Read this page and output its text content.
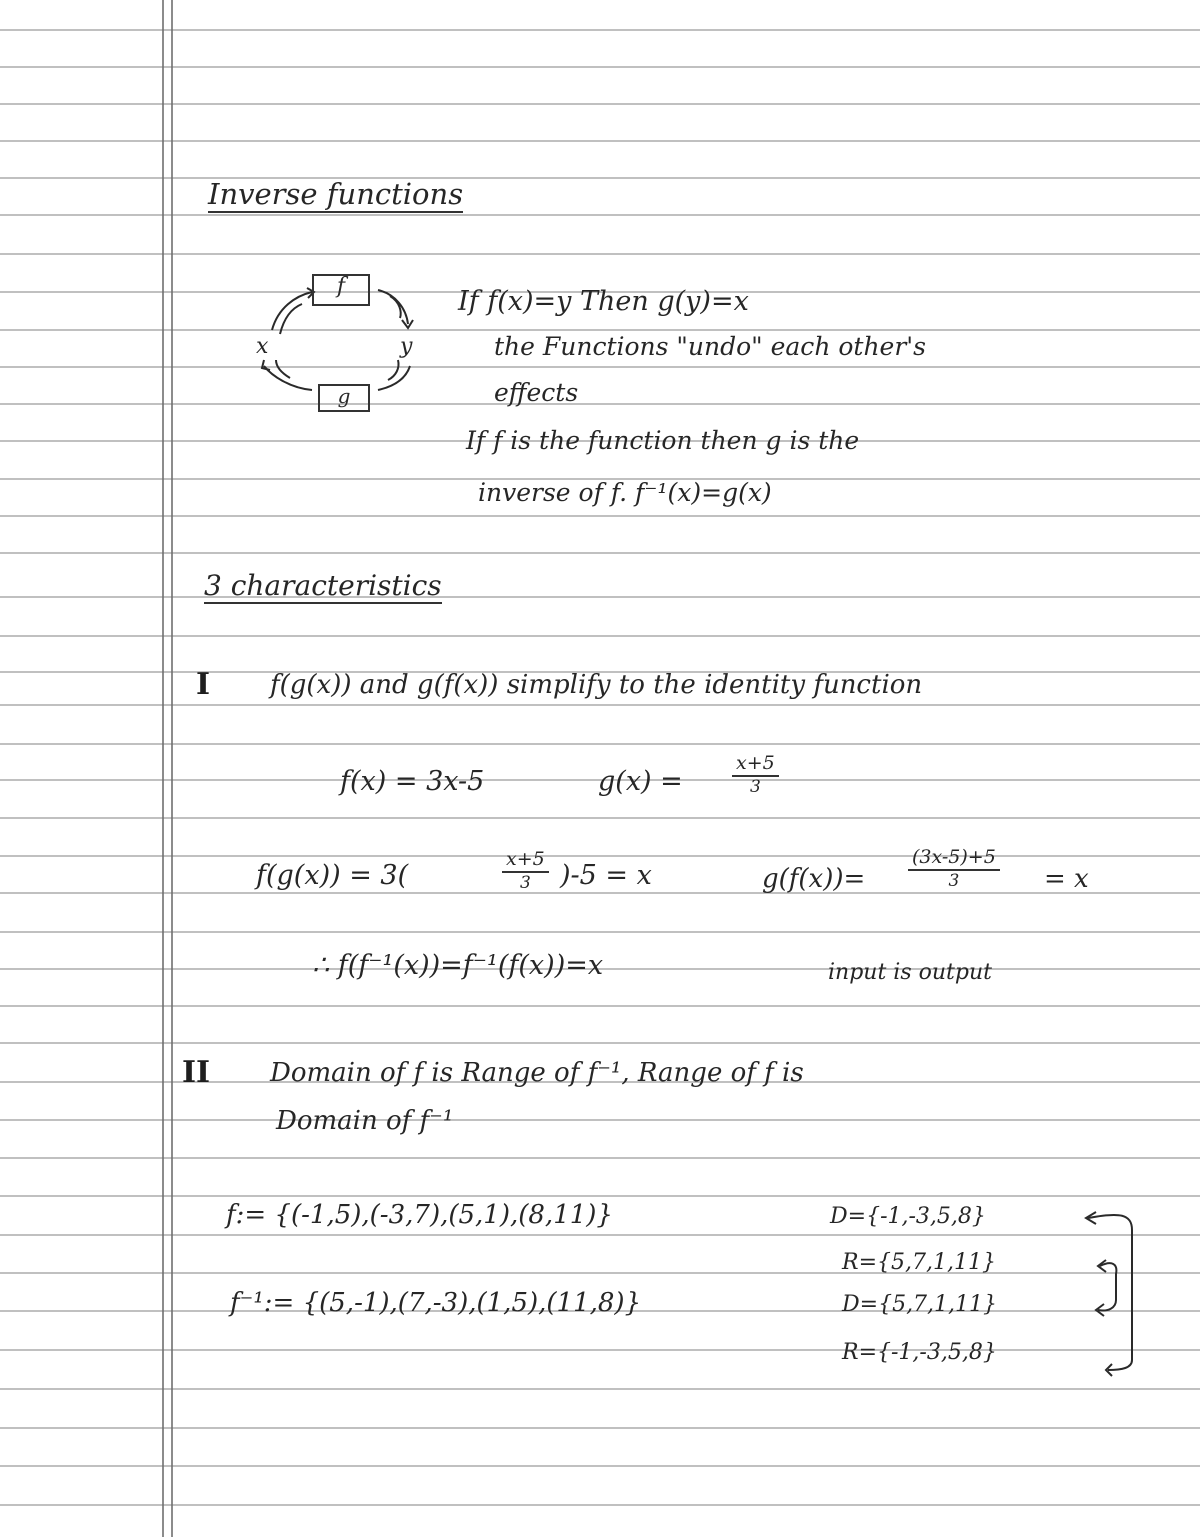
Inverse functions
f
g
x	y
If f(x)=y Then g(y)=x
the Functions "undo" each other's
effects
If f is the function then g is the
inverse of f. f⁻¹(x)=g(x)
3 characteristics
I f(g(x)) and g(f(x)) simplify to the identity function
f(x) = 3x-5	g(x) =	$\frac{x+5}{3}$
f(g(x)) = 3(	$\frac{x+5}{3} )-5 = x$	$g(f(x))= \frac{(3x-5)+5}{3} = x$
∴ f(f⁻¹(x))=f⁻¹(f(x))=x	input is output
II Domain of f is Range of f⁻¹, Range of f is
Domain of f⁻¹
f:= {(-1,5),(-3,7),(5,1),(8,11)}	D={-1,-3,5,8}
R={5,7,1,11}
f⁻¹:= {(5,-1),(7,-3),(1,5),(11,8)}	D={5,7,1,11}
R={-1,-3,5,8}
